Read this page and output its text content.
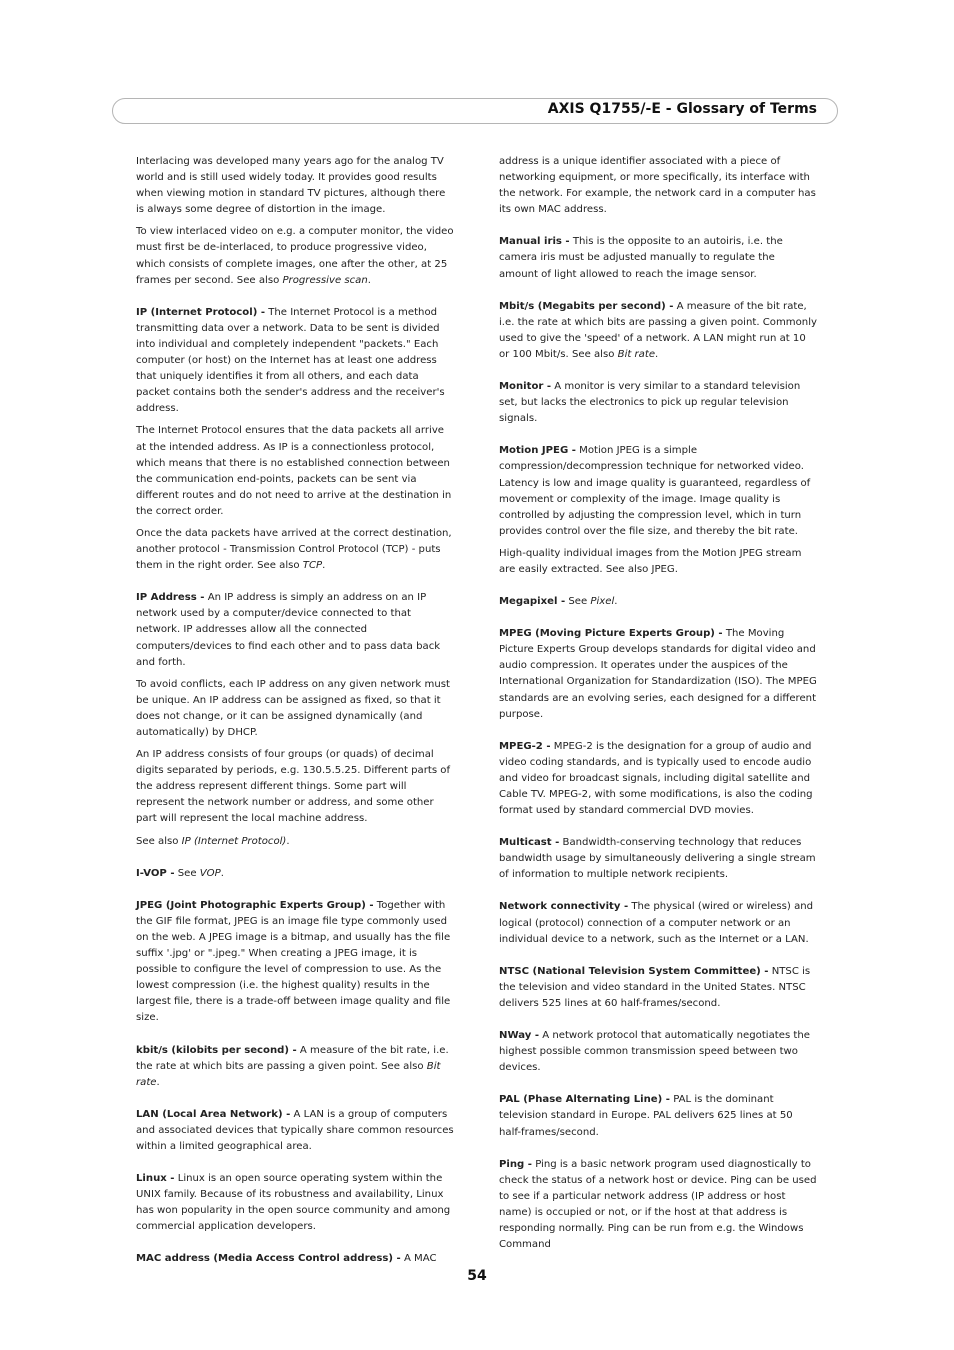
AXIS Q1755/-E - Glossary of Terms

Interlacing was developed many years ago for the analog TV world and is still used widely today. It provides good results when viewing motion in standard TV pictures, although there is always some degree of distortion in the image.

To view interlaced video on e.g. a computer monitor, the video must first be de-interlaced, to produce progressive video, which consists of complete images, one after the other, at 25 frames per second. See also Progressive scan.

IP (Internet Protocol) - The Internet Protocol is a method transmitting data over a network. Data to be sent is divided into individual and completely independent "packets." Each computer (or host) on the Internet has at least one address that uniquely identifies it from all others, and each data packet contains both the sender's address and the receiver's address.

The Internet Protocol ensures that the data packets all arrive at the intended address. As IP is a connectionless protocol, which means that there is no established connection between the communication end-points, packets can be sent via different routes and do not need to arrive at the destination in the correct order.

Once the data packets have arrived at the correct destination, another protocol - Transmission Control Protocol (TCP) - puts them in the right order. See also TCP.

IP Address - An IP address is simply an address on an IP network used by a computer/device connected to that network. IP addresses allow all the connected computers/devices to find each other and to pass data back and forth.

To avoid conflicts, each IP address on any given network must be unique. An IP address can be assigned as fixed, so that it does not change, or it can be assigned dynamically (and automatically) by DHCP.

An IP address consists of four groups (or quads) of decimal digits separated by periods, e.g. 130.5.5.25. Different parts of the address represent different things. Some part will represent the network number or address, and some other part will represent the local machine address.

See also IP (Internet Protocol).

I-VOP - See VOP.

JPEG (Joint Photographic Experts Group) - Together with the GIF file format, JPEG is an image file type commonly used on the web. A JPEG image is a bitmap, and usually has the file suffix '.jpg' or ".jpeg." When creating a JPEG image, it is possible to configure the level of compression to use. As the lowest compression (i.e. the highest quality) results in the largest file, there is a trade-off between image quality and file size.

kbit/s (kilobits per second) - A measure of the bit rate, i.e. the rate at which bits are passing a given point. See also Bit rate.

LAN (Local Area Network) - A LAN is a group of computers and associated devices that typically share common resources within a limited geographical area.

Linux - Linux is an open source operating system within the UNIX family. Because of its robustness and availability, Linux has won popularity in the open source community and among commercial application developers.

MAC address (Media Access Control address) - A MAC

address is a unique identifier associated with a piece of networking equipment, or more specifically, its interface with the network. For example, the network card in a computer has its own MAC address.

Manual iris - This is the opposite to an autoiris, i.e. the camera iris must be adjusted manually to regulate the amount of light allowed to reach the image sensor.

Mbit/s (Megabits per second) - A measure of the bit rate, i.e. the rate at which bits are passing a given point. Commonly used to give the 'speed' of a network. A LAN might run at 10 or 100 Mbit/s. See also Bit rate.

Monitor - A monitor is very similar to a standard television set, but lacks the electronics to pick up regular television signals.

Motion JPEG - Motion JPEG is a simple compression/decompression technique for networked video. Latency is low and image quality is guaranteed, regardless of movement or complexity of the image. Image quality is controlled by adjusting the compression level, which in turn provides control over the file size, and thereby the bit rate.

High-quality individual images from the Motion JPEG stream are easily extracted. See also JPEG.

Megapixel - See Pixel.

MPEG (Moving Picture Experts Group) - The Moving Picture Experts Group develops standards for digital video and audio compression. It operates under the auspices of the International Organization for Standardization (ISO). The MPEG standards are an evolving series, each designed for a different purpose.

MPEG-2 - MPEG-2 is the designation for a group of audio and video coding standards, and is typically used to encode audio and video for broadcast signals, including digital satellite and Cable TV. MPEG-2, with some modifications, is also the coding format used by standard commercial DVD movies.

Multicast - Bandwidth-conserving technology that reduces bandwidth usage by simultaneously delivering a single stream of information to multiple network recipients.

Network connectivity - The physical (wired or wireless) and logical (protocol) connection of a computer network or an individual device to a network, such as the Internet or a LAN.

NTSC (National Television System Committee) - NTSC is the television and video standard in the United States. NTSC delivers 525 lines at 60 half-frames/second.

NWay - A network protocol that automatically negotiates the highest possible common transmission speed between two devices.

PAL (Phase Alternating Line) - PAL is the dominant television standard in Europe. PAL delivers 625 lines at 50 half-frames/second.

Ping - Ping is a basic network program used diagnostically to check the status of a network host or device. Ping can be used to see if a particular network address (IP address or host name) is occupied or not, or if the host at that address is responding normally. Ping can be run from e.g. the Windows Command

54
